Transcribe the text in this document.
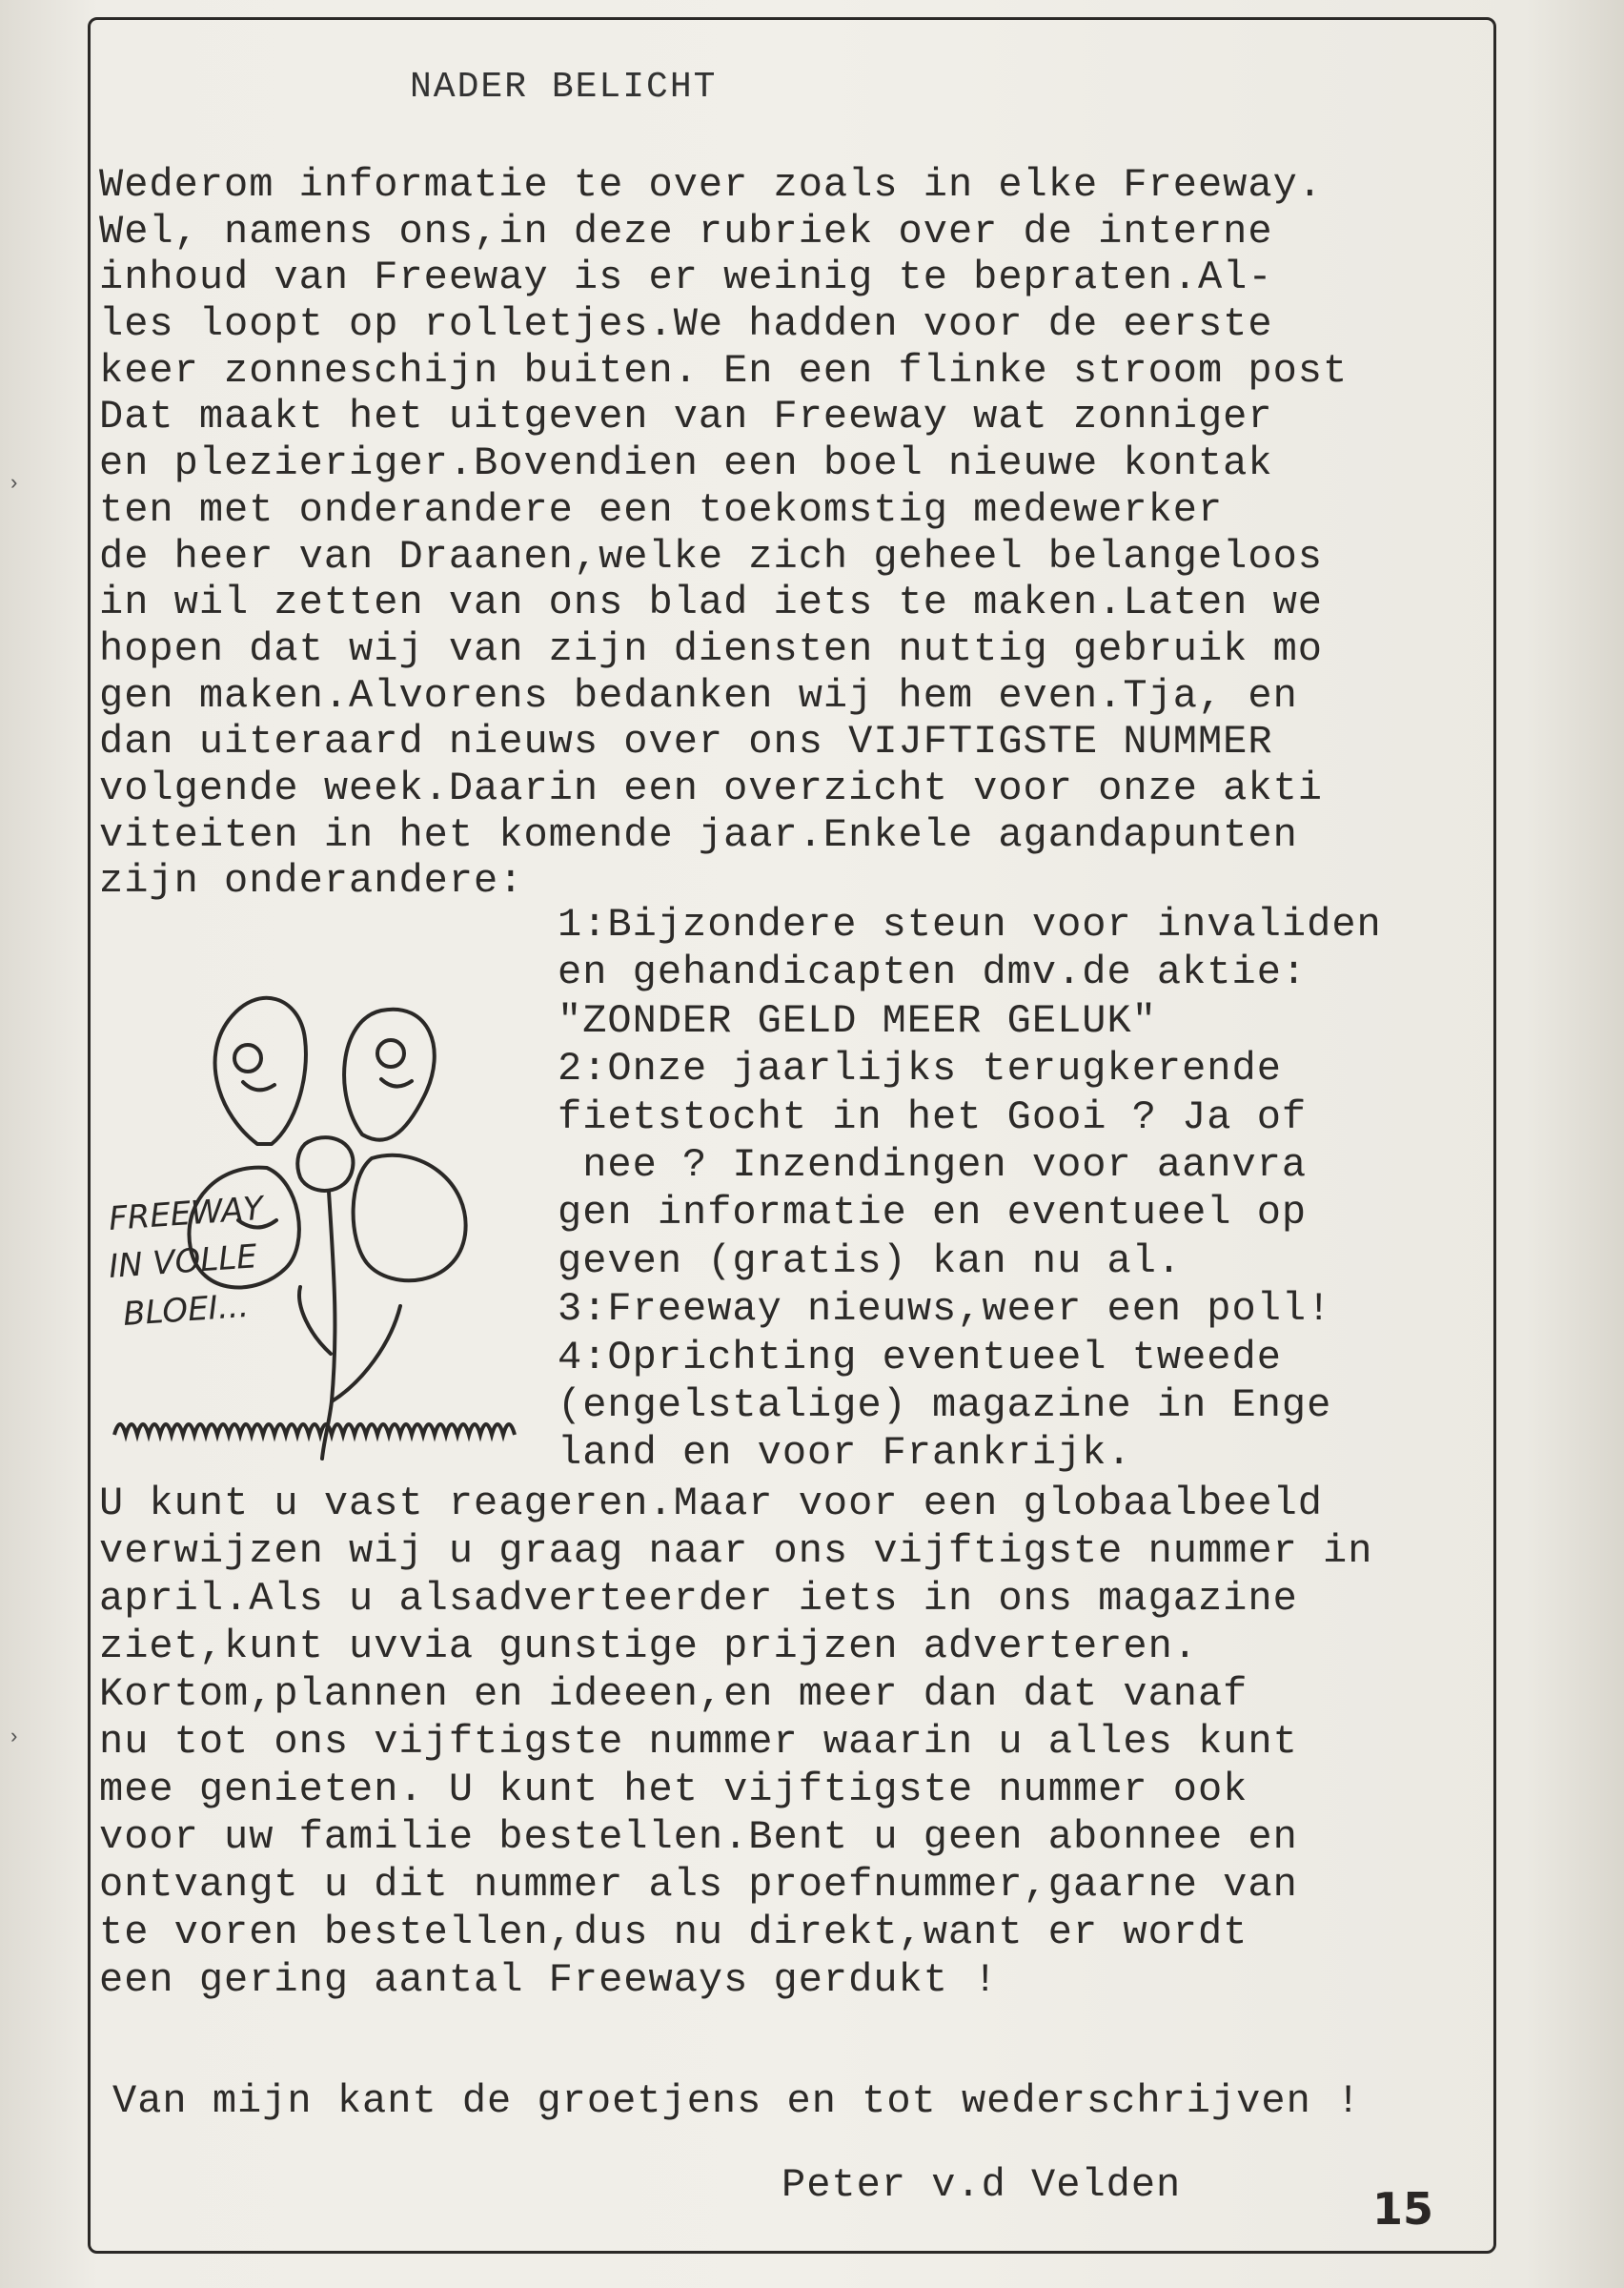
›
›
NADER BELICHT
Wederom informatie te over zoals in elke Freeway.
Wel, namens ons,in deze rubriek over de interne
inhoud van Freeway is er weinig te bepraten.Al-
les loopt op rolletjes.We hadden voor de eerste
keer zonneschijn buiten. En een flinke stroom post
Dat maakt het uitgeven van Freeway wat zonniger
en plezieriger.Bovendien een boel nieuwe kontak
ten met onderandere een toekomstig medewerker
de heer van Draanen,welke zich geheel belangeloos
in wil zetten van ons blad iets te maken.Laten we
hopen dat wij van zijn diensten nuttig gebruik mo
gen maken.Alvorens bedanken wij hem even.Tja, en
dan uiteraard nieuws over ons VIJFTIGSTE NUMMER
volgende week.Daarin een overzicht voor onze akti
viteiten in het komende jaar.Enkele agandapunten
zijn onderandere:
FREEWAY
IN VOLLE
BLOEI...
1:Bijzondere steun voor invaliden
en gehandicapten dmv.de aktie:
"ZONDER GELD MEER GELUK"
2:Onze jaarlijks terugkerende
fietstocht in het Gooi ? Ja of
nee ? Inzendingen voor aanvra
gen informatie en eventueel op
geven (gratis) kan nu al.
3:Freeway nieuws,weer een poll!
4:Oprichting eventueel tweede
(engelstalige) magazine in Enge
land en voor Frankrijk.
U kunt u vast reageren.Maar voor een globaalbeeld
verwijzen wij u graag naar ons vijftigste nummer in
april.Als u alsadverteerder iets in ons magazine
ziet,kunt uvvia gunstige prijzen adverteren.
Kortom,plannen en ideeen,en meer dan dat vanaf
nu tot ons vijftigste nummer waarin u alles kunt
mee genieten. U kunt het vijftigste nummer ook
voor uw familie bestellen.Bent u geen abonnee en
ontvangt u dit nummer als proefnummer,gaarne van
te voren bestellen,dus nu direkt,want er wordt
een gering aantal Freeways gerdukt !
Van mijn kant de groetjens en tot wederschrijven !
Peter v.d Velden	15
